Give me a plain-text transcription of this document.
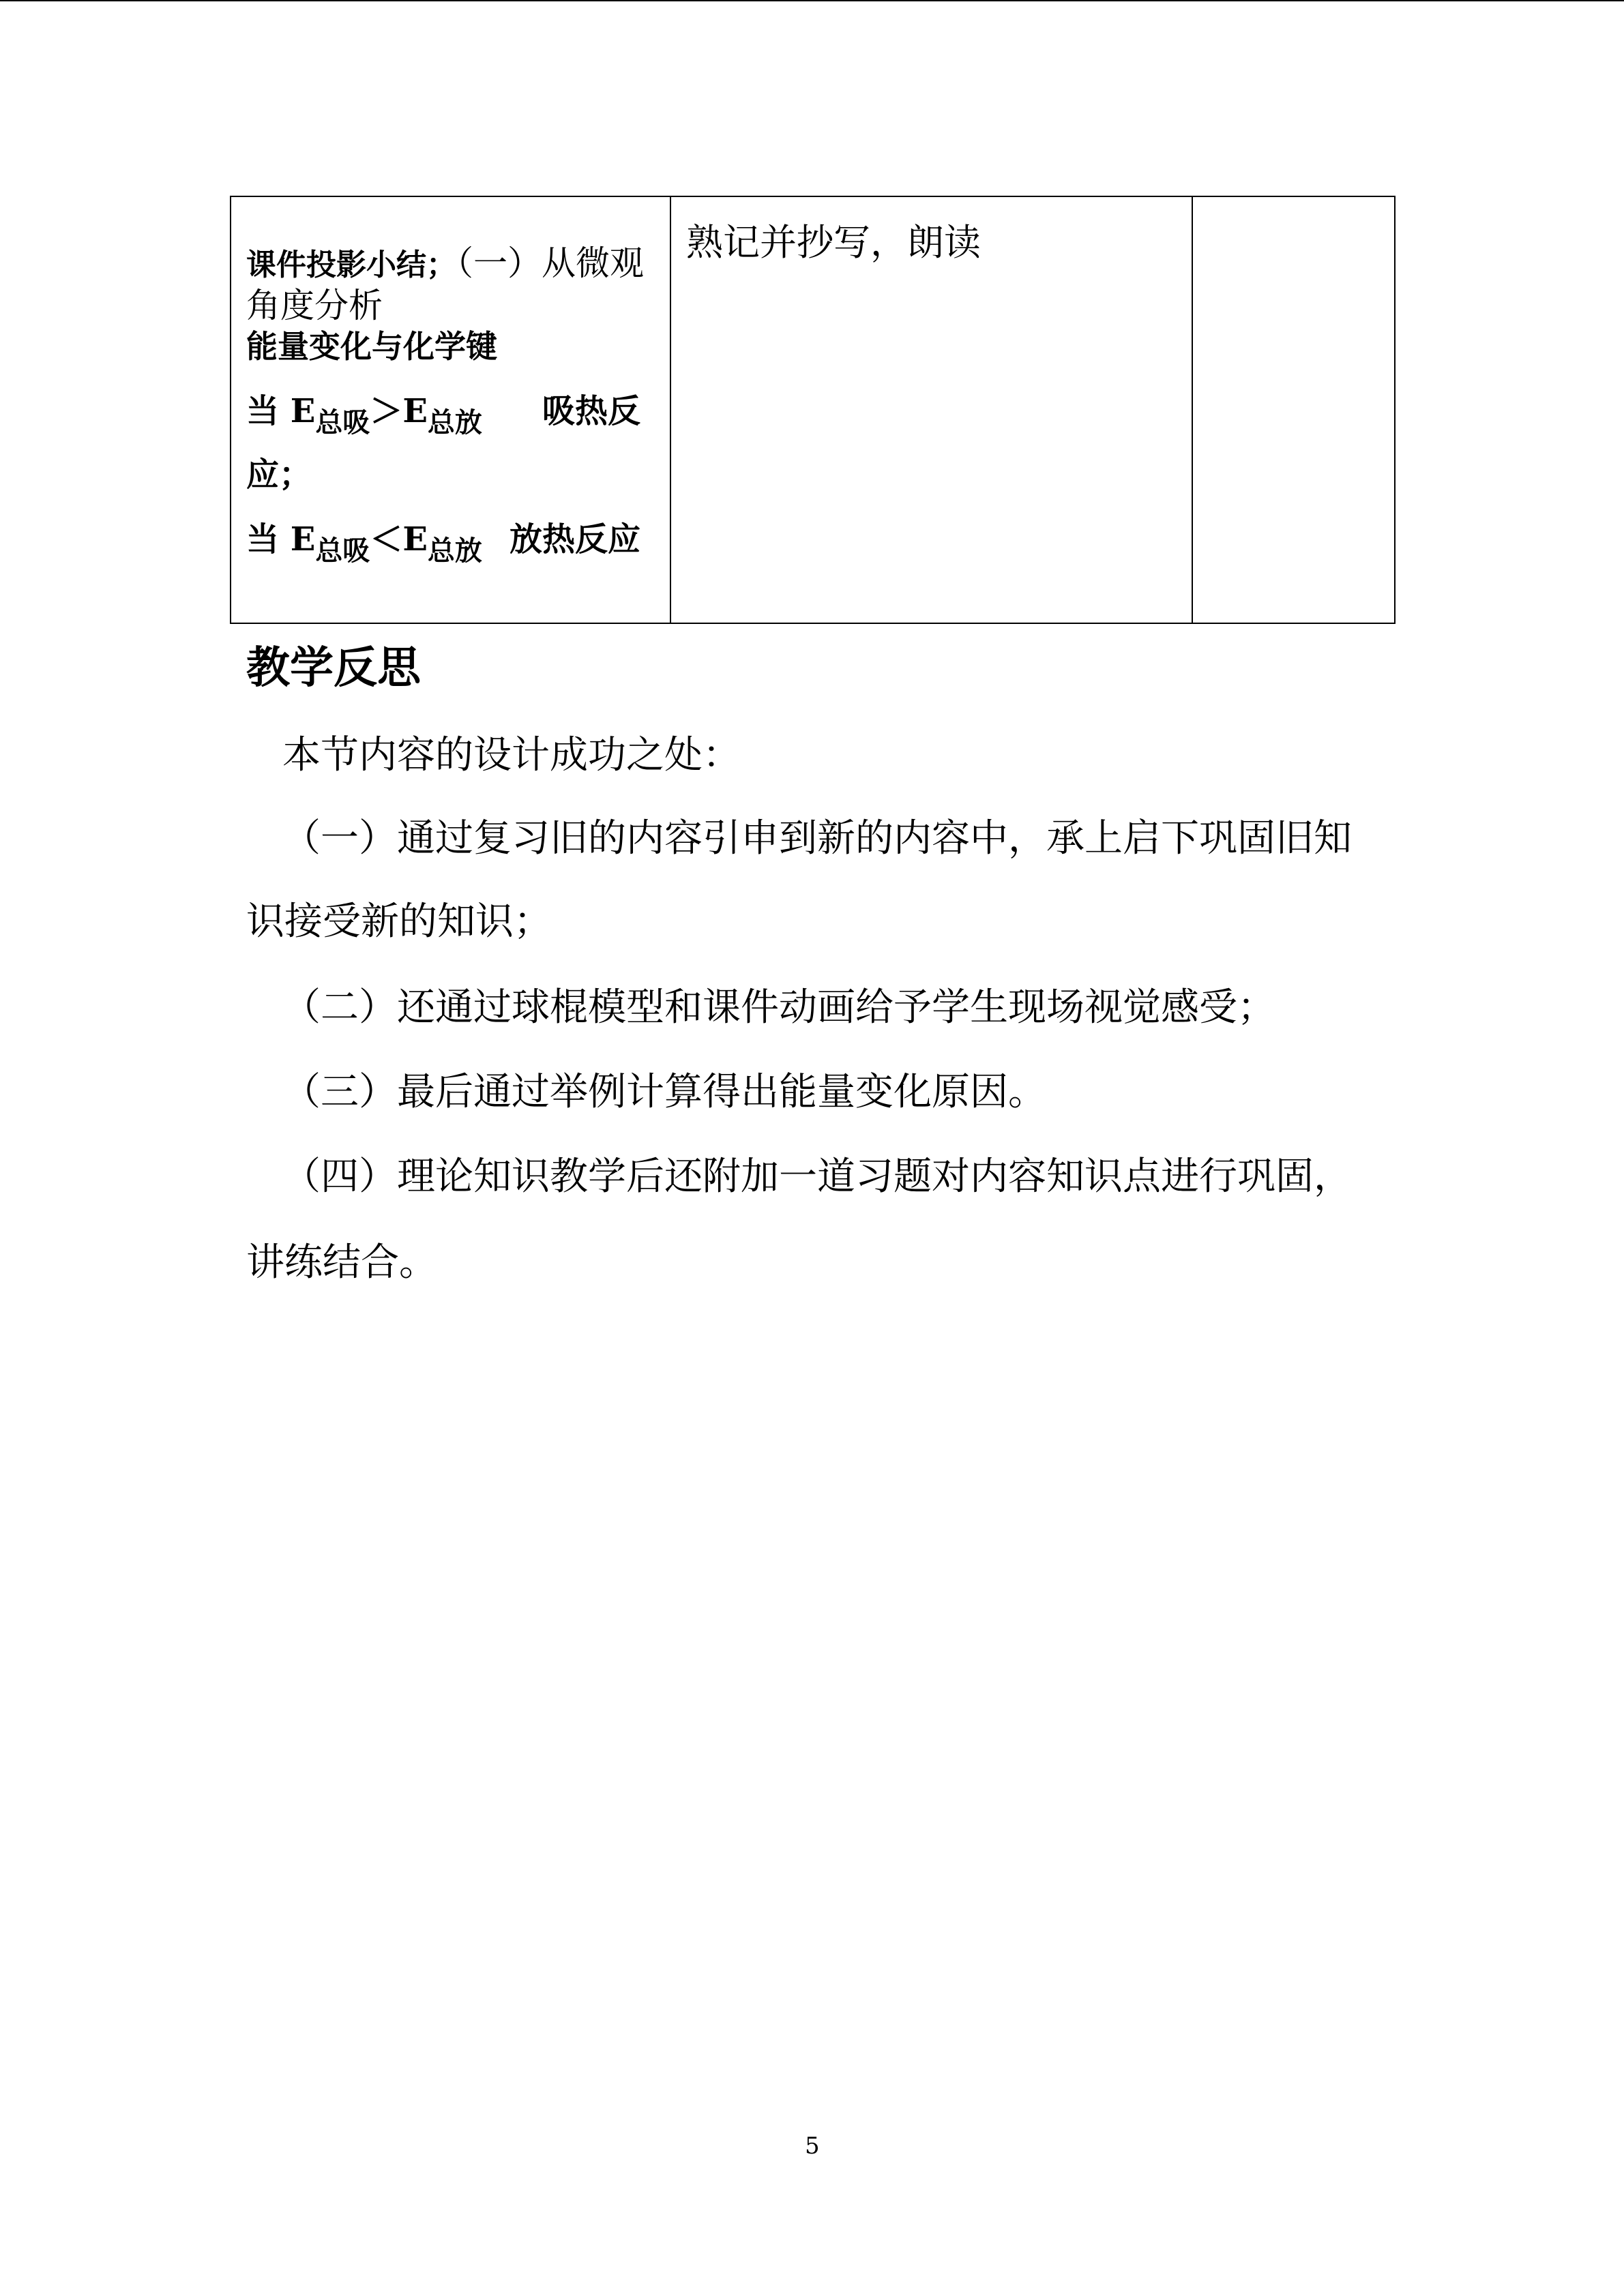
课件投影小结；（一）从微观
角度分析
能量变化与化学键
当 $E_{总吸}>E_{总放}$ 吸热反
应；
当 $E_{总吸}<E_{总放}$ 放热反应

熟记并抄写，朗读

教学反思
本节内容的设计成功之处：
（一）通过复习旧的内容引申到新的内容中，承上启下巩固旧知
识接受新的知识；
（二）还通过球棍模型和课件动画给予学生现场视觉感受；
（三）最后通过举例计算得出能量变化原因。
（四）理论知识教学后还附加一道习题对内容知识点进行巩固，
讲练结合。
5
